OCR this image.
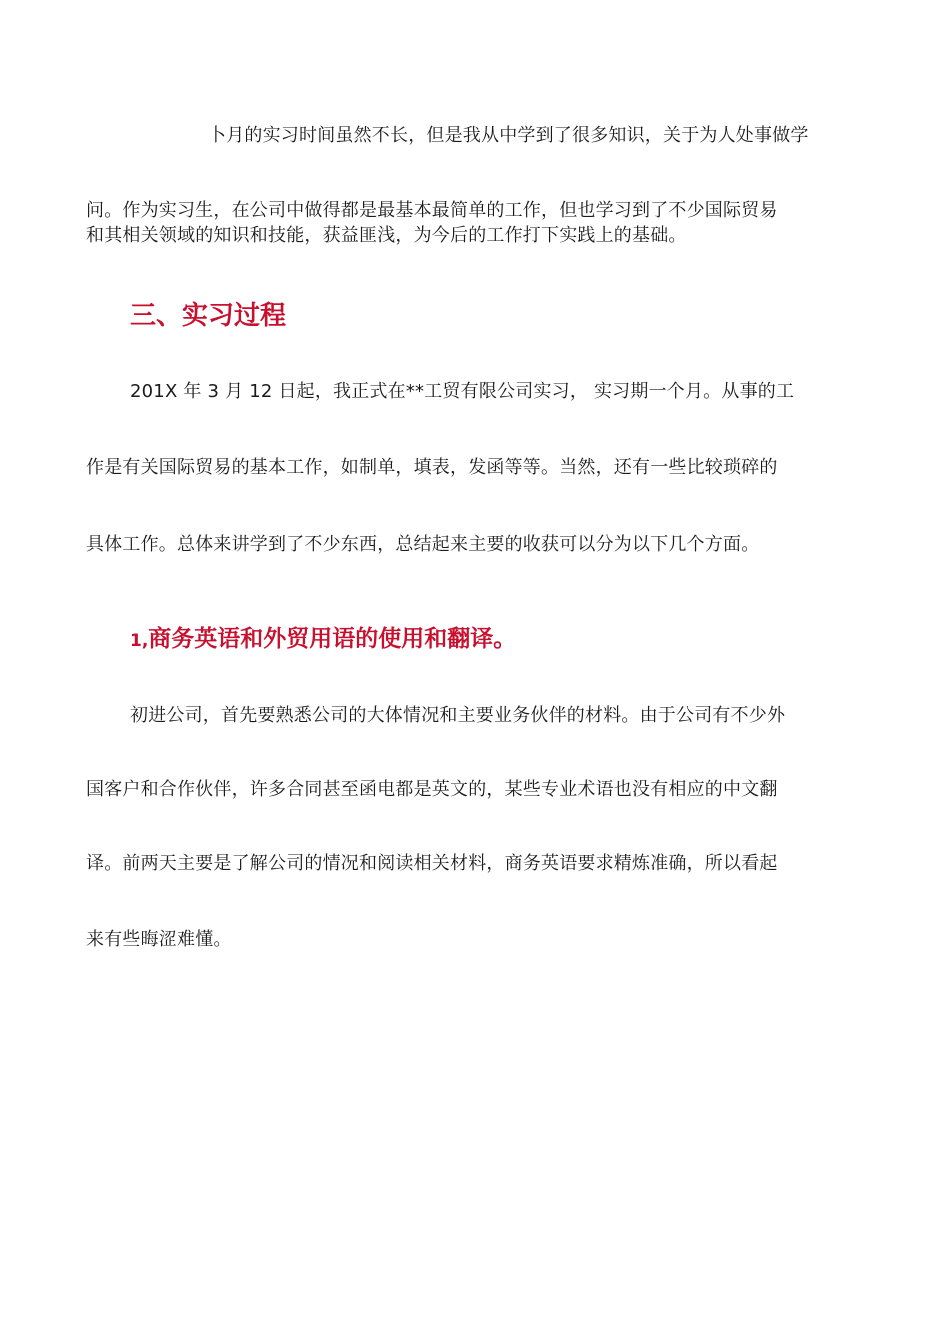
卜月的实习时间虽然不长，但是我从中学到了很多知识，关于为人处事做学
问。作为实习生，在公司中做得都是最基本最简单的工作，但也学习到了不少国际贸易
和其相关领域的知识和技能，获益匪浅，为今后的工作打下实践上的基础。
三、实习过程
201X 年 3 月 12 日起，我正式在**工贸有限公司实习， 实习期一个月。从事的工
作是有关国际贸易的基本工作，如制单，填表，发函等等。当然，还有一些比较琐碎的
具体工作。总体来讲学到了不少东西，总结起来主要的收获可以分为以下几个方面。
1,商务英语和外贸用语的使用和翻译。
初进公司，首先要熟悉公司的大体情况和主要业务伙伴的材料。由于公司有不少外
国客户和合作伙伴，许多合同甚至函电都是英文的，某些专业术语也没有相应的中文翻
译。前两天主要是了解公司的情况和阅读相关材料，商务英语要求精炼准确，所以看起
来有些晦涩难懂。
